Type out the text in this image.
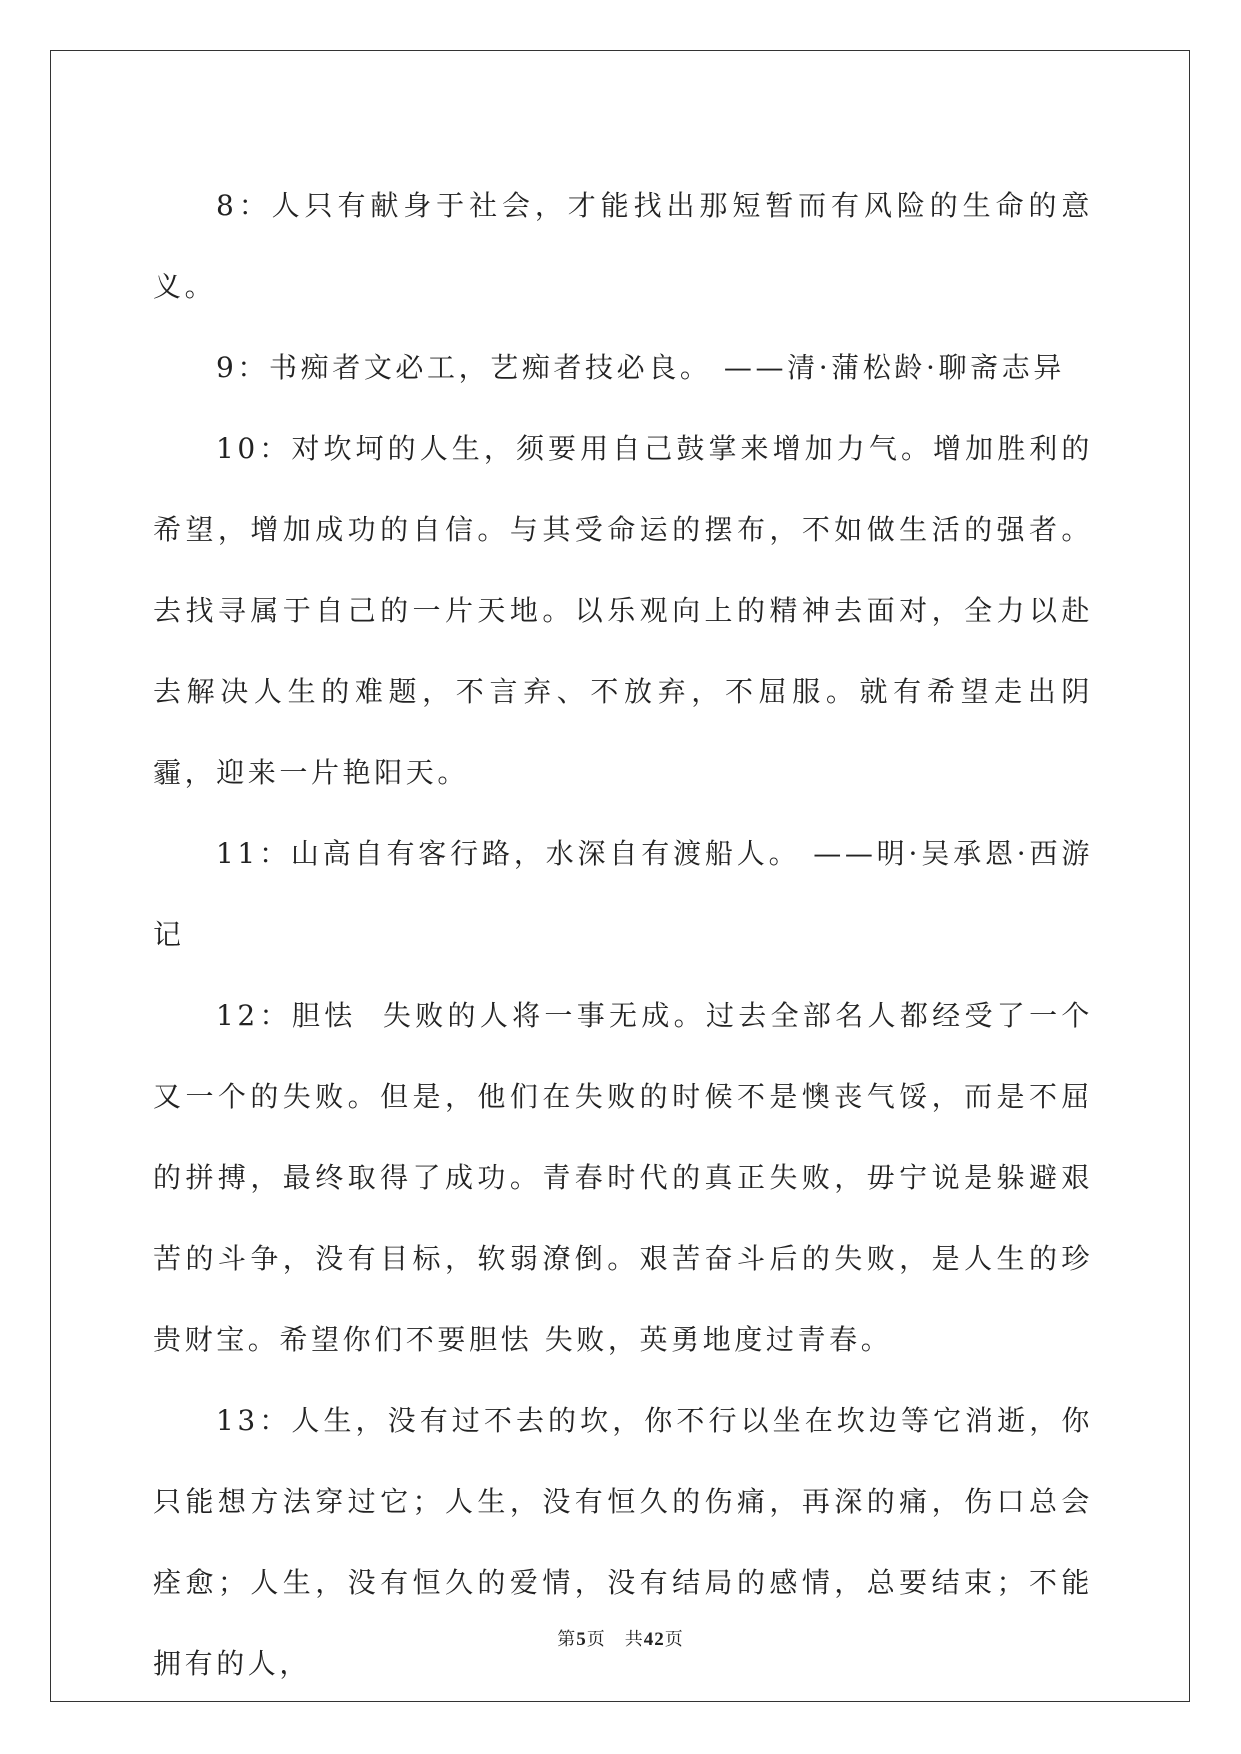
8：人只有献身于社会，才能找出那短暂而有风险的生命的意义。

9：书痴者文必工，艺痴者技必良。 ——清·蒲松龄·聊斋志异

10：对坎坷的人生，须要用自己鼓掌来增加力气。增加胜利的希望，增加成功的自信。与其受命运的摆布，不如做生活的强者。去找寻属于自己的一片天地。以乐观向上的精神去面对，全力以赴去解决人生的难题，不言弃、不放弃，不屈服。就有希望走出阴霾，迎来一片艳阳天。

11：山高自有客行路，水深自有渡船人。 ——明·吴承恩·西游记

12：胆怯  失败的人将一事无成。过去全部名人都经受了一个又一个的失败。但是，他们在失败的时候不是懊丧气馁，而是不屈的拼搏，最终取得了成功。青春时代的真正失败，毋宁说是躲避艰苦的斗争，没有目标，软弱潦倒。艰苦奋斗后的失败，是人生的珍贵财宝。希望你们不要胆怯 失败，英勇地度过青春。

13：人生，没有过不去的坎，你不行以坐在坎边等它消逝，你只能想方法穿过它；人生，没有恒久的伤痛，再深的痛，伤口总会痊愈；人生，没有恒久的爱情，没有结局的感情，总要结束；不能拥有的人，

第5页　共42页
